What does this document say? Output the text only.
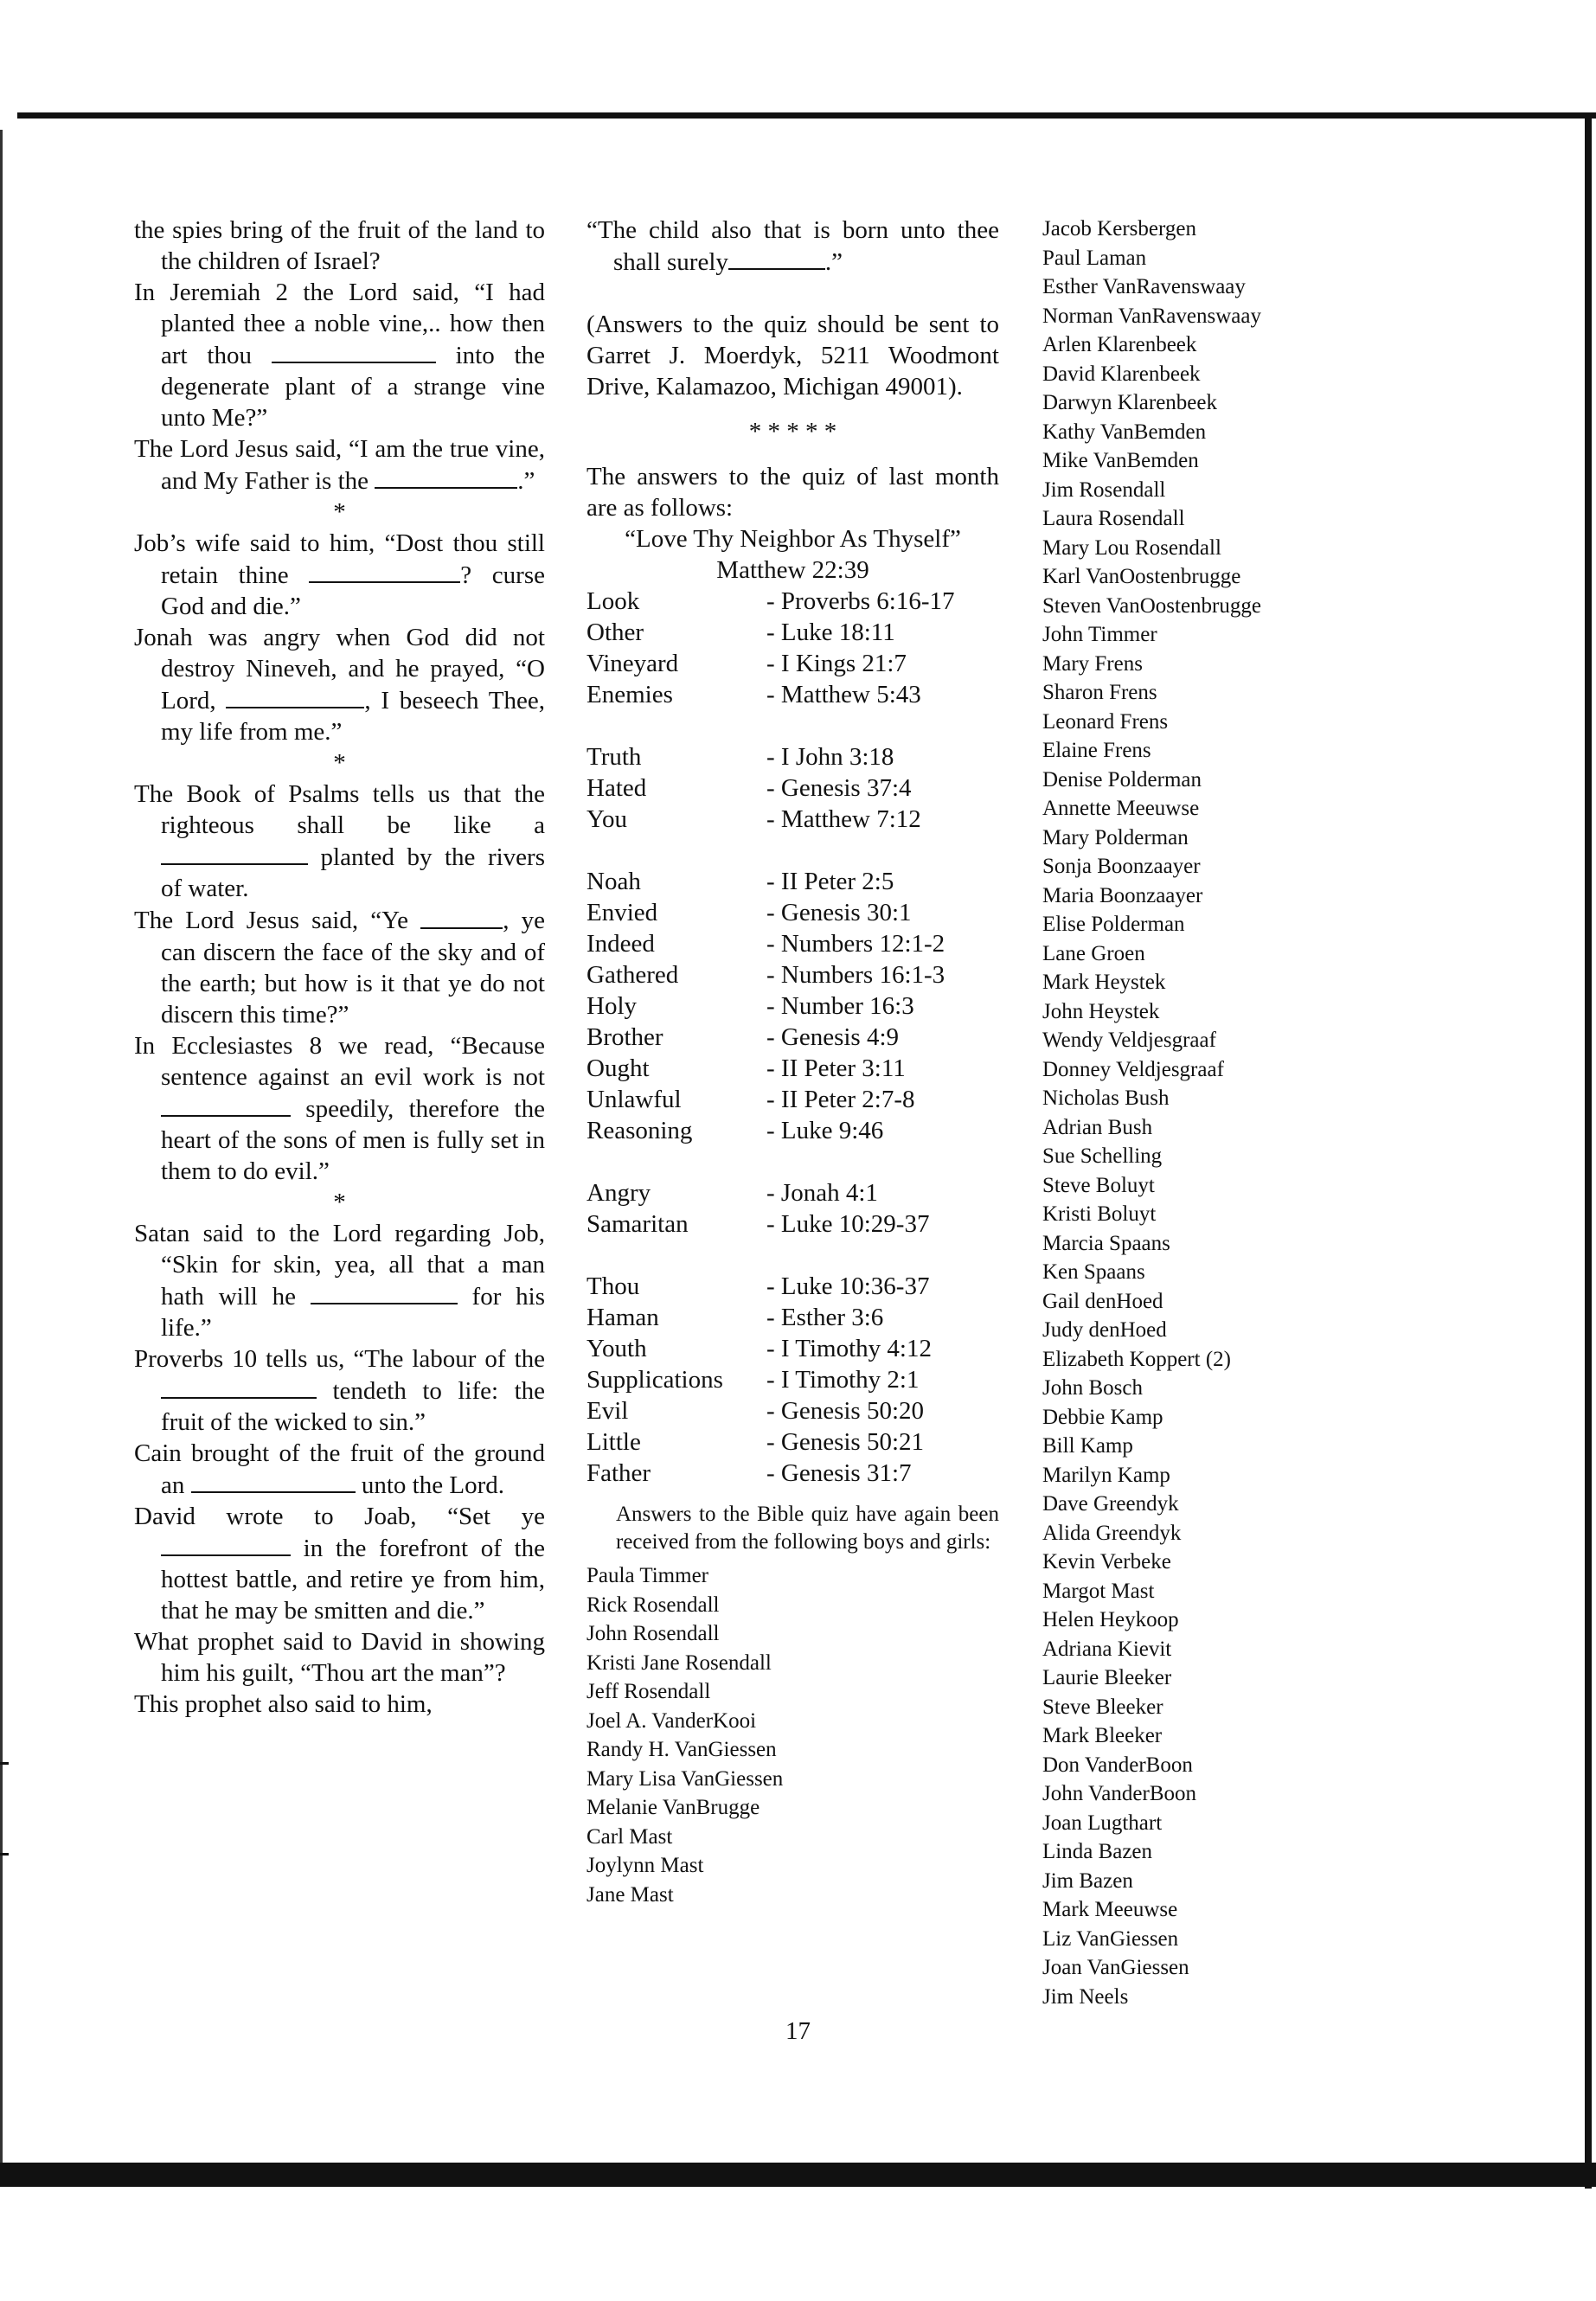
the spies bring of the fruit of the land to the children of Israel?

In Jeremiah 2 the Lord said, “I had planted thee a noble vine,.. how then art thou	into the degenerate plant of a strange vine unto Me?”

The Lord Jesus said, “I am the true vine, and My Father is the	.”

*

Job’s wife said to him, “Dost thou still retain thine	? curse God and die.”

Jonah was angry when God did not destroy Nineveh, and he prayed, “O Lord,	, I beseech Thee, my life from me.”

*

The Book of Psalms tells us that the righteous shall be like a  planted by the rivers of water.

The Lord Jesus said, “Ye	, ye can discern the face of the sky and of the earth; but how is it that ye do not discern this time?”

In Ecclesiastes 8 we read, “Because sentence against an evil work is not  speedily, therefore the heart of the sons of men is fully set in them to do evil.”

*

Satan said to the Lord regarding Job, “Skin for skin, yea, all that a man hath will he	for his life.”

Proverbs 10 tells us, “The labour of the  tendeth to life: the fruit of the wicked to sin.”

Cain brought of the fruit of the ground an	unto the Lord.

David wrote to Joab, “Set ye  in the forefront of the hottest battle, and retire ye from him, that he may be smitten and die.”

What prophet said to David in showing him his guilt, “Thou art the man”?

This prophet also said to him,

“The child also that is born unto thee shall surely	.”

(Answers to the quiz should be sent to Garret J. Moerdyk, 5211 Woodmont Drive, Kalamazoo, Michigan 49001).

* * * * *

The answers to the quiz of last month are as follows:

“Love Thy Neighbor As Thyself”

Matthew 22:39

Look	- Proverbs 6:16-17
Other	- Luke 18:11
Vineyard	- I Kings 21:7
Enemies	- Matthew 5:43

Truth	- I John 3:18
Hated	- Genesis 37:4
You	- Matthew 7:12

Noah	- II Peter 2:5
Envied	- Genesis 30:1
Indeed	- Numbers 12:1-2
Gathered	- Numbers 16:1-3
Holy	- Number 16:3
Brother	- Genesis 4:9
Ought	- II Peter 3:11
Unlawful	- II Peter 2:7-8
Reasoning	- Luke 9:46

Angry	- Jonah 4:1
Samaritan	- Luke 10:29-37

Thou	- Luke 10:36-37
Haman	- Esther 3:6
Youth	- I Timothy 4:12
Supplications	- I Timothy 2:1
Evil	- Genesis 50:20
Little	- Genesis 50:21
Father	- Genesis 31:7

Answers to the Bible quiz have again been received from the following boys and girls:

Paula Timmer

Rick Rosendall

John Rosendall

Kristi Jane Rosendall

Jeff Rosendall

Joel A. VanderKooi

Randy H. VanGiessen

Mary Lisa VanGiessen

Melanie VanBrugge

Carl Mast

Joylynn Mast

Jane Mast

Jacob Kersbergen

Paul Laman

Esther VanRavenswaay

Norman VanRavenswaay

Arlen Klarenbeek

David Klarenbeek

Darwyn Klarenbeek

Kathy VanBemden

Mike VanBemden

Jim Rosendall

Laura Rosendall

Mary Lou Rosendall

Karl VanOostenbrugge

Steven VanOostenbrugge

John Timmer

Mary Frens

Sharon Frens

Leonard Frens

Elaine Frens

Denise Polderman

Annette Meeuwse

Mary Polderman

Sonja Boonzaayer

Maria Boonzaayer

Elise Polderman

Lane Groen

Mark Heystek

John Heystek

Wendy Veldjesgraaf

Donney Veldjesgraaf

Nicholas Bush

Adrian Bush

Sue Schelling

Steve Boluyt

Kristi Boluyt

Marcia Spaans

Ken Spaans

Gail denHoed

Judy denHoed

Elizabeth Koppert (2)

John Bosch

Debbie Kamp

Bill Kamp

Marilyn Kamp

Dave Greendyk

Alida Greendyk

Kevin Verbeke

Margot Mast

Helen Heykoop

Adriana Kievit

Laurie Bleeker

Steve Bleeker

Mark Bleeker

Don VanderBoon

John VanderBoon

Joan Lugthart

Linda Bazen

Jim Bazen

Mark Meeuwse

Liz VanGiessen

Joan VanGiessen

Jim Neels

17
